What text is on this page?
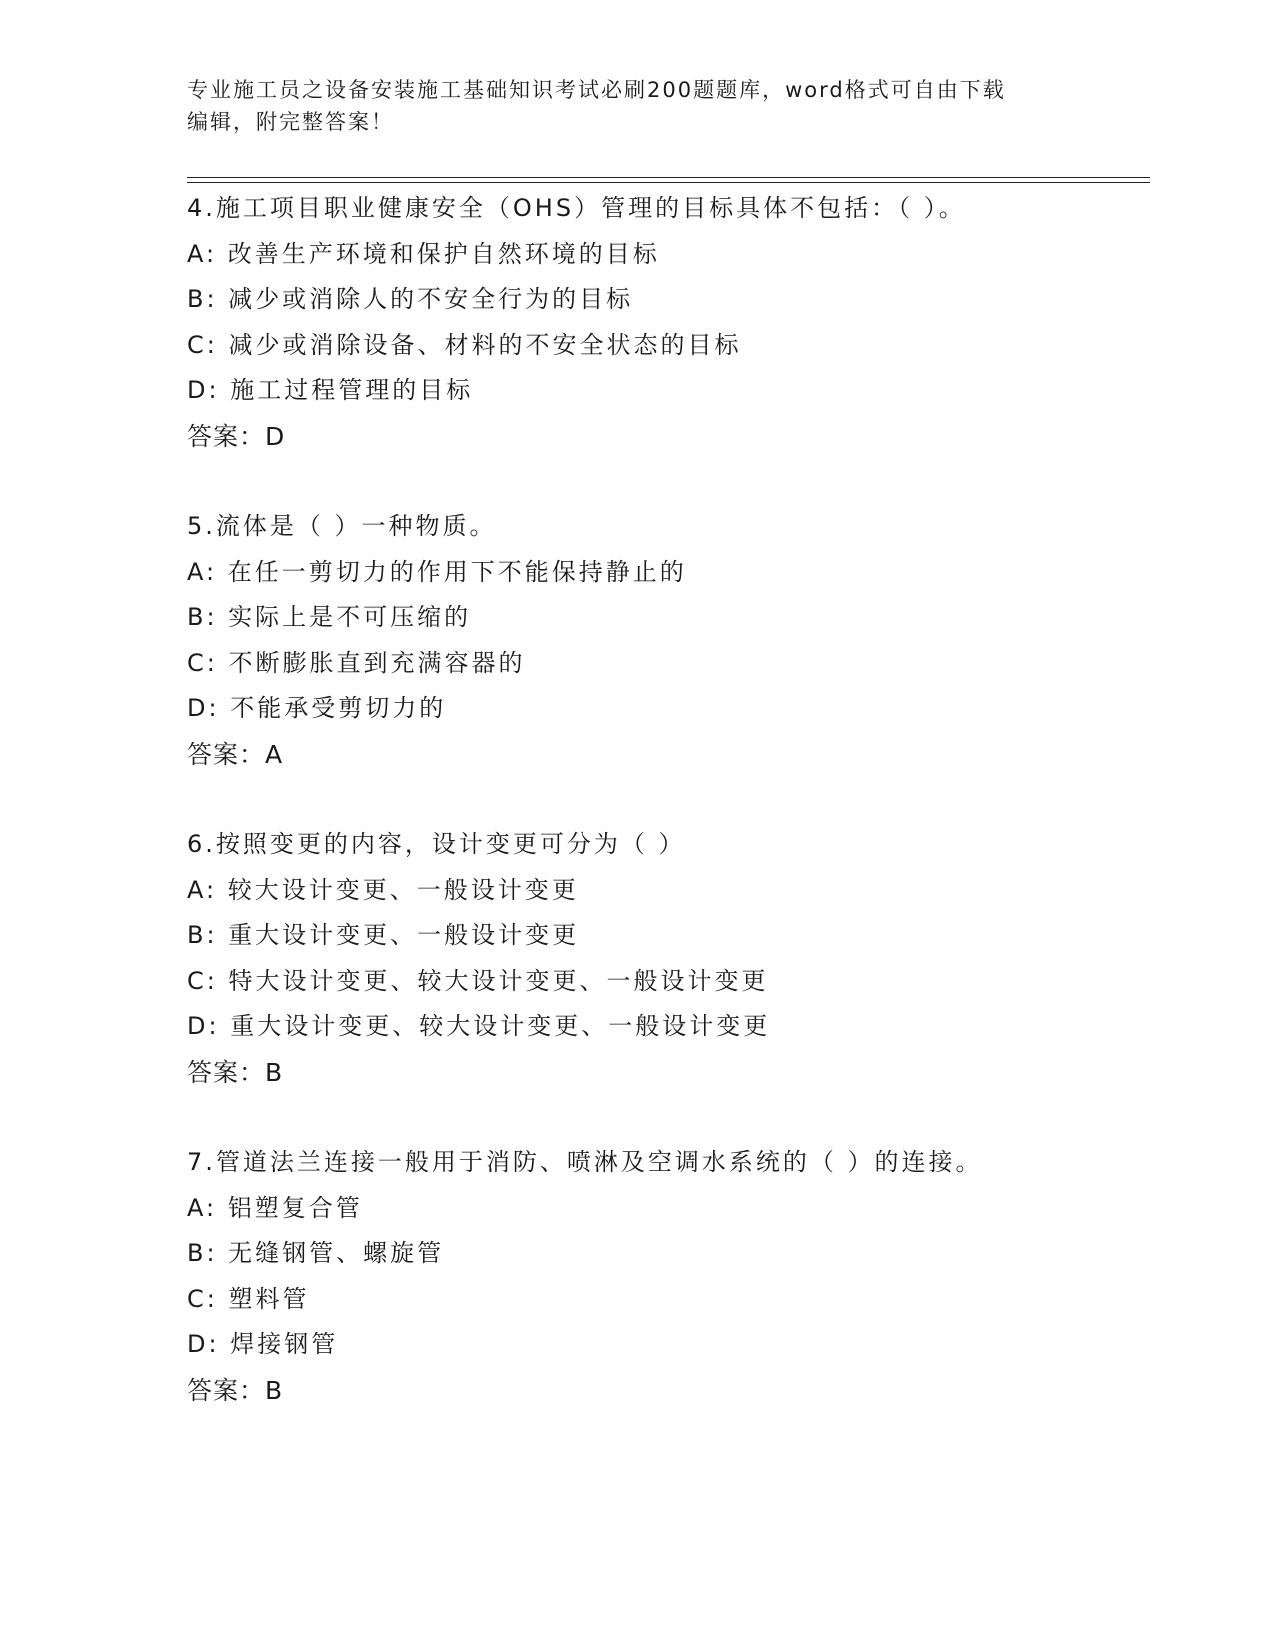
专业施工员之设备安装施工基础知识考试必刷200题题库，word格式可自由下载
编辑，附完整答案！
4.施工项目职业健康安全（OHS）管理的目标具体不包括：（ ）。
A: 改善生产环境和保护自然环境的目标
B: 减少或消除人的不安全行为的目标
C: 减少或消除设备、材料的不安全状态的目标
D: 施工过程管理的目标
答案：D
5.流体是（ ）一种物质。
A: 在任一剪切力的作用下不能保持静止的
B: 实际上是不可压缩的
C: 不断膨胀直到充满容器的
D: 不能承受剪切力的
答案：A
6.按照变更的内容，设计变更可分为（ ）
A: 较大设计变更、一般设计变更
B: 重大设计变更、一般设计变更
C: 特大设计变更、较大设计变更、一般设计变更
D: 重大设计变更、较大设计变更、一般设计变更
答案：B
7.管道法兰连接一般用于消防、喷淋及空调水系统的（ ）的连接。
A: 铝塑复合管
B: 无缝钢管、螺旋管
C: 塑料管
D: 焊接钢管
答案：B
